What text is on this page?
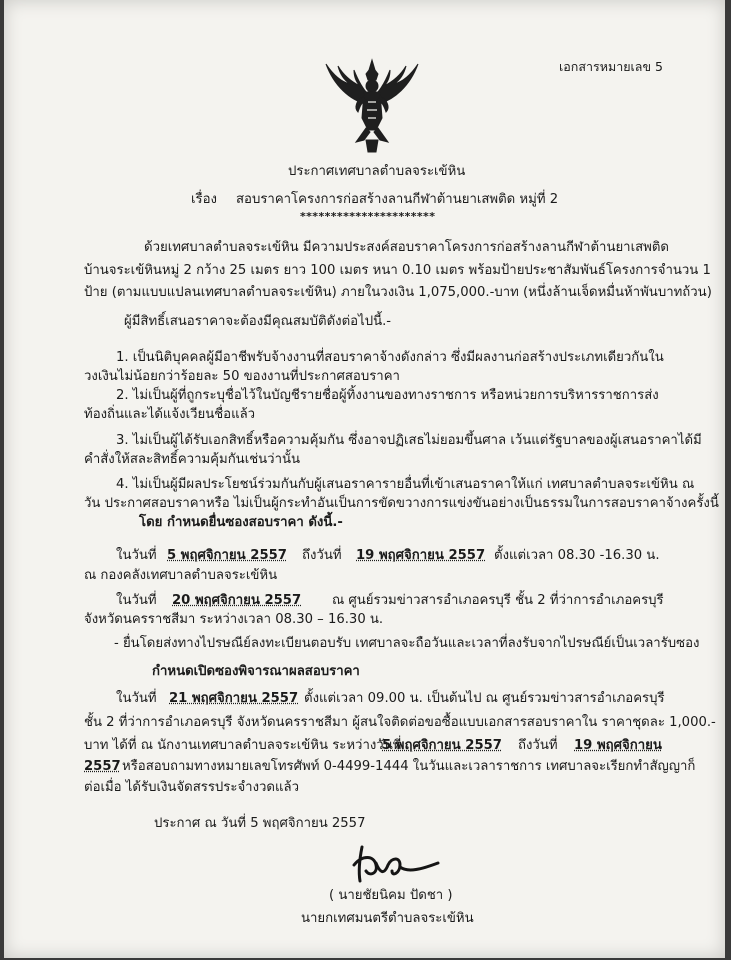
เอกสารหมายเลข 5
ประกาศเทศบาลตำบลจระเข้หิน
เรื่อง สอบราคาโครงการก่อสร้างลานกีฬาต้านยาเสพติด หมู่ที่ 2
**********************
ด้วยเทศบาลตำบลจระเข้หิน มีความประสงค์สอบราคาโครงการก่อสร้างลานกีฬาต้านยาเสพติด
บ้านจระเข้หินหมู่ 2 กว้าง 25 เมตร ยาว 100 เมตร หนา 0.10 เมตร พร้อมป้ายประชาสัมพันธ์โครงการจำนวน 1
ป้าย (ตามแบบแปลนเทศบาลตำบลจระเข้หิน) ภายในวงเงิน 1,075,000.-บาท (หนึ่งล้านเจ็ดหมื่นห้าพันบาทถ้วน)
ผู้มีสิทธิ์เสนอราคาจะต้องมีคุณสมบัติดังต่อไปนี้.-
1. เป็นนิติบุคคลผู้มีอาชีพรับจ้างงานที่สอบราคาจ้างดังกล่าว ซึ่งมีผลงานก่อสร้างประเภทเดียวกันใน
วงเงินไม่น้อยกว่าร้อยละ 50 ของงานที่ประกาศสอบราคา
2. ไม่เป็นผู้ที่ถูกระบุชื่อไว้ในบัญชีรายชื่อผู้ทิ้งงานของทางราชการ หรือหน่วยการบริหารราชการส่ง
ท้องถิ่นและได้แจ้งเวียนชื่อแล้ว
3. ไม่เป็นผู้ได้รับเอกสิทธิ์หรือความคุ้มกัน ซึ่งอาจปฏิเสธไม่ยอมขึ้นศาล เว้นแต่รัฐบาลของผู้เสนอราคาได้มี
คำสั่งให้สละสิทธิ์ความคุ้มกันเช่นว่านั้น
4. ไม่เป็นผู้มีผลประโยชน์ร่วมกันกับผู้เสนอราคารายอื่นที่เข้าเสนอราคาให้แก่ เทศบาลตำบลจระเข้หิน ณ
วัน ประกาศสอบราคาหรือ ไม่เป็นผู้กระทำอันเป็นการขัดขวางการแข่งขันอย่างเป็นธรรมในการสอบราคาจ้างครั้งนี้
โดย กำหนดยื่นซองสอบราคา ดังนี้.-
ในวันที่ 5 พฤศจิกายน 2557 ถึงวันที่ 19 พฤศจิกายน 2557 ตั้งแต่เวลา 08.30 -16.30 น.
ณ กองคลังเทศบาลตำบลจระเข้หิน
ในวันที่ 20 พฤศจิกายน 2557 ณ ศูนย์รวมข่าวสารอำเภอครบุรี ชั้น 2 ที่ว่าการอำเภอครบุรี
จังหวัดนครราชสีมา ระหว่างเวลา 08.30 – 16.30 น.
- ยื่นโดยส่งทางไปรษณีย์ลงทะเบียนตอบรับ เทศบาลจะถือวันและเวลาที่ลงรับจากไปรษณีย์เป็นเวลารับซอง
กำหนดเปิดซองพิจารณาผลสอบราคา
ในวันที่ 21 พฤศจิกายน 2557 ตั้งแต่เวลา 09.00 น. เป็นต้นไป ณ ศูนย์รวมข่าวสารอำเภอครบุรี
ชั้น 2 ที่ว่าการอำเภอครบุรี จังหวัดนครราชสีมา ผู้สนใจติดต่อขอซื้อแบบเอกสารสอบราคาใน ราคาชุดละ 1,000.-
บาท ได้ที่ ณ นักงานเทศบาลตำบลจระเข้หิน ระหว่างวันที่
5 พฤศจิกายน 2557 ถึงวันที่ 19 พฤศจิกายน
2557 หรือสอบถามทางหมายเลขโทรศัพท์ 0-4499-1444 ในวันและเวลาราชการ เทศบาลจะเรียกทำสัญญาก็
ต่อเมื่อ ได้รับเงินจัดสรรประจำงวดแล้ว
ประกาศ ณ วันที่ 5 พฤศจิกายน 2557
( นายชัยนิคม ปัดชา )
นายกเทศมนตรีตำบลจระเข้หิน
